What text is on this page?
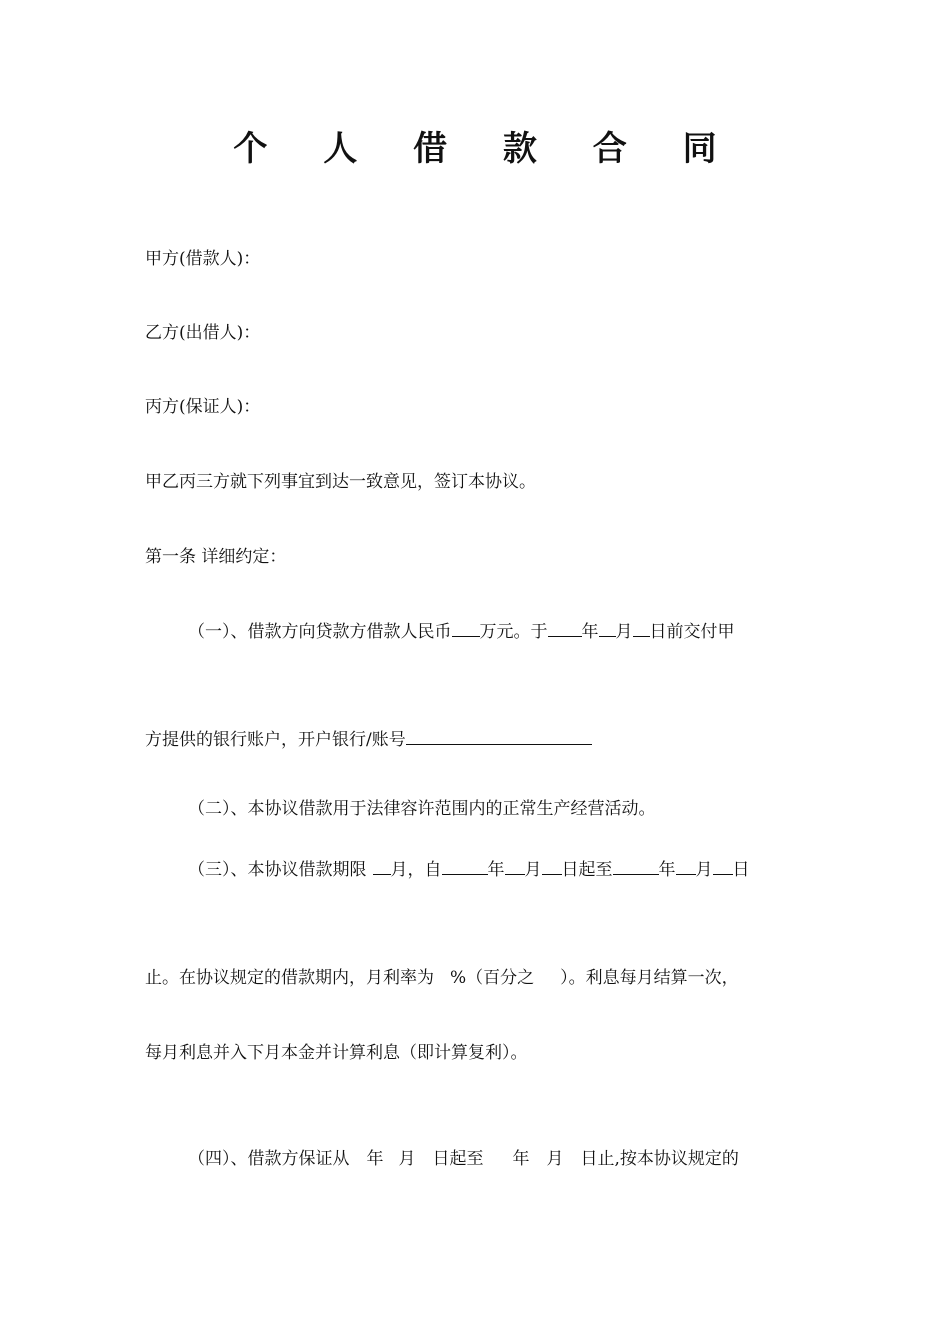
个 人 借 款 合 同
甲方(借款人)：
乙方(出借人)：
丙方(保证人)：
甲乙丙三方就下列事宜到达一致意见，签订本协议。
第一条 详细约定：
（一）、借款方向贷款方借款人民币 万元。于 年 月 日前交付甲
方提供的银行账户，开户银行/账号
（二）、本协议借款用于法律容许范围内的正常生产经营活动。
（三）、本协议借款期限 月，自	年 月 日起至	年 月 日
止。在协议规定的借款期内，月利率为 %（百分之 ）。利息每月结算一次，
每月利息并入下月本金并计算利息（即计算复利）。
（四）、借款方保证从 年 月 日起至 年 月 日止,按本协议规定的
